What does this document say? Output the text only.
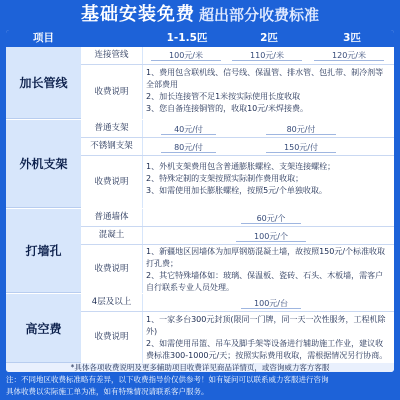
基础安装免费 超出部分收费标准
项目	1-1.5匹	2匹	3匹
加长管线
连接管线	100元/米	110元/米	120元/米
收费说明
1、费用包含联机线、信号线、保温管、排水管、包扎带、制冷剂等全部费用
2、加长连接管不足1米按实际使用长度收取
3、您自备连接铜管的，收取10元/米焊接费。
外机支架
普通支架	40元/付	80元/付
不锈钢支架	80元/付	150元/付
收费说明
1、外机支架费用包含普通膨胀螺栓、支架连接螺栓；
2、特殊定制的支架按照实际制作费用收取；
3、如需使用加长膨胀螺栓，按照5元/个单独收取。
打墙孔
普通墙体	60元/个
混凝土	100元/个
收费说明
1、新疆地区因墙体为加厚钢筋混凝土墙，故按照150元/个标准收取打孔费；
2、其它特殊墙体如：玻璃、保温板、瓷砖、石头、木板墙，需客户自行联系专业人员处理。
高空费
4层及以上	100元/台
收费说明
1、一家多台300元封顶(限同一门牌，同一天一次性服务，工程机除外)
2、如需使用吊篮、吊车及脚手架等设备进行辅助施工作业，建议收费标准300-1000元/天；按照实际费用收取，需根据情况另行协商。
*具体各项收费说明及更多辅助项目收费详见商品详情页，或咨询威力客方客服
注：不同地区收费标准略有差异，以下收费指导价仅供参考！如有疑问可以联系威力客服进行咨询
具体收费以实际施工单为准，如有特殊情况请联系客户服务。
